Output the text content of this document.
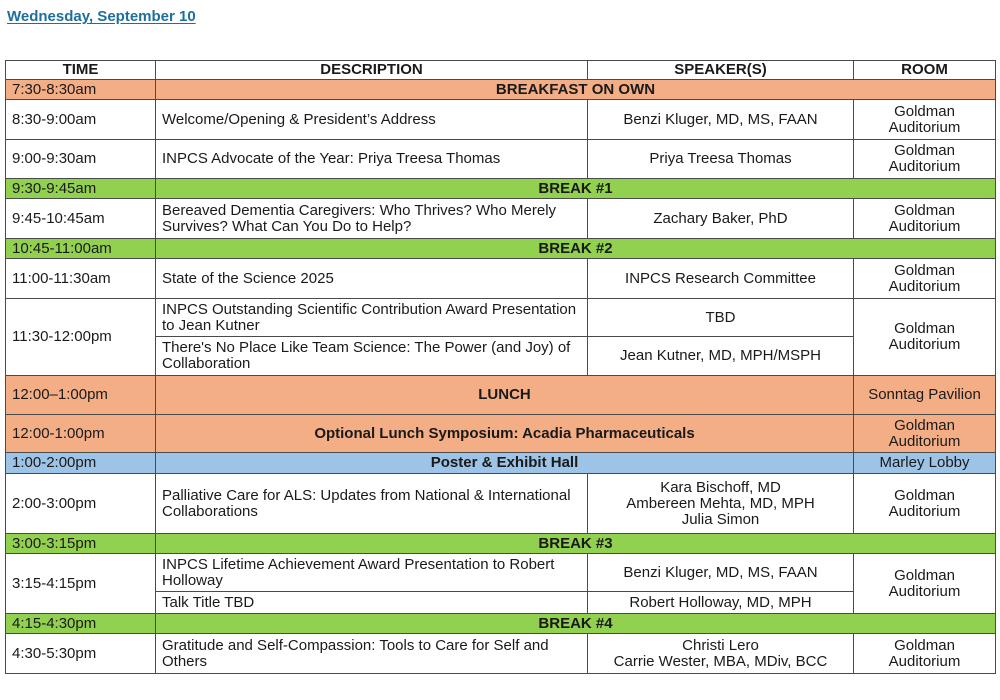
Wednesday, September 10
TIME	DESCRIPTION	SPEAKER(S)	ROOM
7:30-8:30am	BREAKFAST ON OWN		
8:30-9:00am	Welcome/Opening & President’s Address	Benzi Kluger, MD, MS, FAAN	Goldman Auditorium
9:00-9:30am	INPCS Advocate of the Year: Priya Treesa Thomas	Priya Treesa Thomas	Goldman Auditorium
9:30-9:45am	BREAK #1		
9:45-10:45am	Bereaved Dementia Caregivers: Who Thrives? Who Merely Survives? What Can You Do to Help?	Zachary Baker, PhD	Goldman Auditorium
10:45-11:00am	BREAK #2		
11:00-11:30am	State of the Science 2025	INPCS Research Committee	Goldman Auditorium
11:30-12:00pm	INPCS Outstanding Scientific Contribution Award Presentation to Jean Kutner	TBD	Goldman Auditorium
	There's No Place Like Team Science: The Power (and Joy) of Collaboration	Jean Kutner, MD, MPH/MSPH	
12:00–1:00pm	LUNCH		Sonntag Pavilion
12:00-1:00pm	Optional Lunch Symposium: Acadia Pharmaceuticals		Goldman Auditorium
1:00-2:00pm	Poster & Exhibit Hall		Marley Lobby
2:00-3:00pm	Palliative Care for ALS: Updates from National & International Collaborations	Kara Bischoff, MD
Ambereen Mehta, MD, MPH
Julia Simon	Goldman Auditorium
3:00-3:15pm	BREAK #3		
3:15-4:15pm	INPCS Lifetime Achievement Award Presentation to Robert Holloway	Benzi Kluger, MD, MS, FAAN	Goldman Auditorium
	Talk Title TBD	Robert Holloway, MD, MPH	
4:15-4:30pm	BREAK #4		
4:30-5:30pm	Gratitude and Self-Compassion: Tools to Care for Self and Others	Christi Lero
Carrie Wester, MBA, MDiv, BCC	Goldman Auditorium
